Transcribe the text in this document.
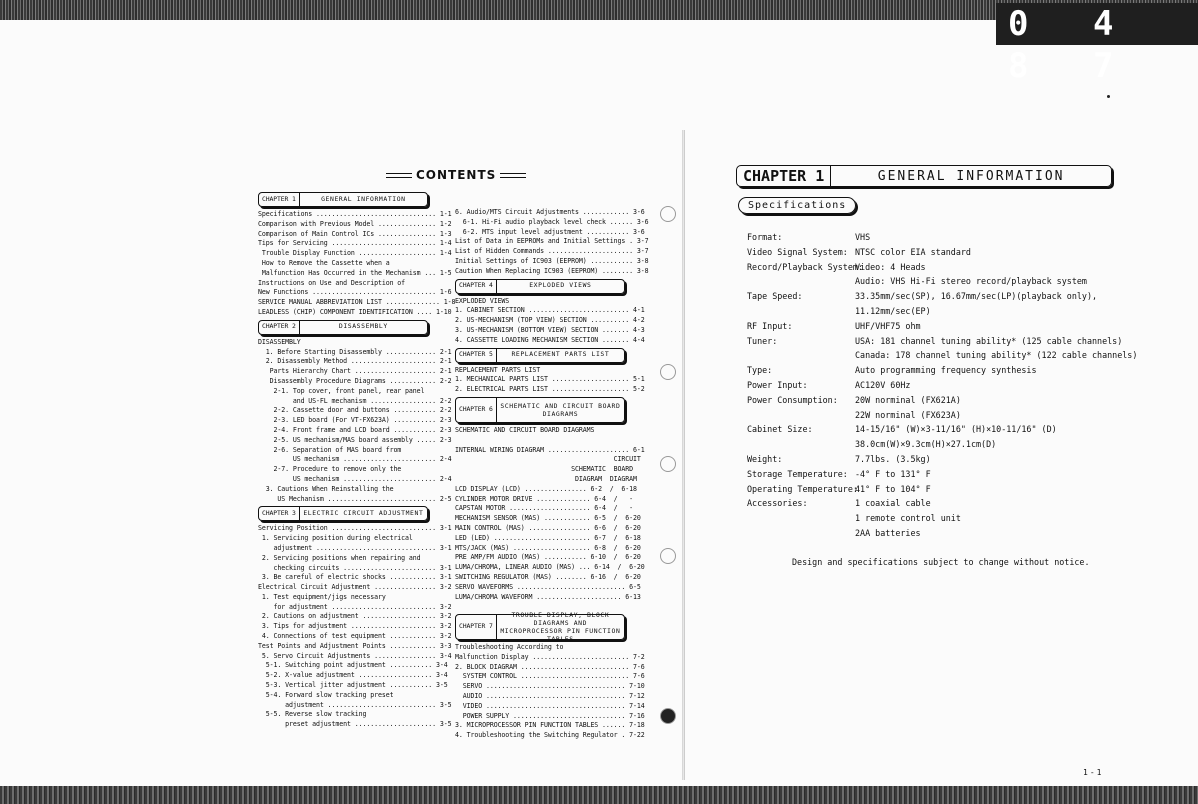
0 4 8 7
CONTENTS
CHAPTER 1	GENERAL INFORMATION
Specifications ............................... 1-1
Comparison with Previous Model ............... 1-2
Comparison of Main Control ICs ............... 1-3
Tips for Servicing ........................... 1-4
Trouble Display Function .................... 1-4
How to Remove the Cassette when a
Malfunction Has Occurred in the Mechanism ... 1-5
Instructions on Use and Description of
New Functions ................................ 1-6
SERVICE MANUAL ABBREVIATION LIST .............. 1-8
LEADLESS (CHIP) COMPONENT IDENTIFICATION .... 1-10
CHAPTER 2	DISASSEMBLY
DISASSEMBLY
1. Before Starting Disassembly ............. 2-1
2. Disassembly Method ...................... 2-1
Parts Hierarchy Chart ..................... 2-1
Disassembly Procedure Diagrams ............ 2-2
2-1. Top cover, front panel, rear panel
and US-FL mechanism ................. 2-2
2-2. Cassette door and buttons ........... 2-2
2-3. LED board (For VT-FX623A) ........... 2-3
2-4. Front frame and LCD board ........... 2-3
2-5. US mechanism/MAS board assembly ..... 2-3
2-6. Separation of MAS board from
US mechanism ........................ 2-4
2-7. Procedure to remove only the
US mechanism ........................ 2-4
3. Cautions When Reinstalling the
US Mechanism ............................ 2-5
CHAPTER 3	ELECTRIC CIRCUIT ADJUSTMENT
Servicing Position ........................... 3-1
1. Servicing position during electrical
adjustment ............................... 3-1
2. Servicing positions when repairing and
checking circuits ........................ 3-1
3. Be careful of electric shocks ............ 3-1
Electrical Circuit Adjustment ................ 3-2
1. Test equipment/jigs necessary
for adjustment ........................... 3-2
2. Cautions on adjustment ................... 3-2
3. Tips for adjustment ...................... 3-2
4. Connections of test equipment ............ 3-2
Test Points and Adjustment Points ............ 3-3
5. Servo Circuit Adjustments ................ 3-4
5-1. Switching point adjustment ........... 3-4
5-2. X-value adjustment ................... 3-4
5-3. Vertical jitter adjustment ........... 3-5
5-4. Forward slow tracking preset
adjustment ............................ 3-5
5-5. Reverse slow tracking
preset adjustment ..................... 3-5
6. Audio/MTS Circuit Adjustments ............ 3-6
6-1. Hi-Fi audio playback level check ...... 3-6
6-2. MTS input level adjustment ........... 3-6
List of Data in EEPROMs and Initial Settings . 3-7
List of Hidden Commands ...................... 3-7
Initial Settings of IC903 (EEPROM) ........... 3-8
Caution When Replacing IC903 (EEPROM) ........ 3-8
CHAPTER 4	EXPLODED VIEWS
EXPLODED VIEWS
1. CABINET SECTION .......................... 4-1
2. US-MECHANISM (TOP VIEW) SECTION .......... 4-2
3. US-MECHANISM (BOTTOM VIEW) SECTION ....... 4-3
4. CASSETTE LOADING MECHANISM SECTION ....... 4-4
CHAPTER 5	REPLACEMENT PARTS LIST
REPLACEMENT PARTS LIST
1. MECHANICAL PARTS LIST .................... 5-1
2. ELECTRICAL PARTS LIST .................... 5-2
CHAPTER 6	SCHEMATIC AND CIRCUIT BOARD
DIAGRAMS
SCHEMATIC AND CIRCUIT BOARD DIAGRAMS

INTERNAL WIRING DIAGRAM ..................... 6-1
CIRCUIT
SCHEMATIC  BOARD
DIAGRAM  DIAGRAM
LCD DISPLAY (LCD) ................ 6-2  /  6-18
CYLINDER MOTOR DRIVE .............. 6-4  /   -
CAPSTAN MOTOR ..................... 6-4  /   -
MECHANISM SENSOR (MAS) ............ 6-5  /  6-20
MAIN CONTROL (MAS) ................ 6-6  /  6-20
LED (LED) ......................... 6-7  /  6-18
MTS/JACK (MAS) .................... 6-8  /  6-20
PRE AMP/FM AUDIO (MAS) ........... 6-10  /  6-20
LUMA/CHROMA, LINEAR AUDIO (MAS) ... 6-14  /  6-20
SWITCHING REGULATOR (MAS) ........ 6-16  /  6-20
SERVO WAVEFORMS ............................ 6-5
LUMA/CHROMA WAVEFORM ...................... 6-13

CHAPTER 7
TROUBLE DISPLAY, BLOCK DIAGRAMS AND
MICROPROCESSOR PIN FUNCTION TABLES
Troubleshooting According to
Malfunction Display ......................... 7-2
2. BLOCK DIAGRAM ............................ 7-6
SYSTEM CONTROL ............................ 7-6
SERVO .................................... 7-10
AUDIO .................................... 7-12
VIDEO .................................... 7-14
POWER SUPPLY ............................. 7-16
3. MICROPROCESSOR PIN FUNCTION TABLES ...... 7-18
4. Troubleshooting the Switching Regulator . 7-22
CHAPTER 1	GENERAL INFORMATION
Specifications
Format:	VHS
Video Signal System: NTSC color EIA standard
Record/Playback System:
Video: 4 Heads
Audio: VHS Hi-Fi stereo record/playback system
Tape Speed:	33.35mm/sec(SP), 16.67mm/sec(LP)(playback only),
11.12mm/sec(EP)
RF Input:	UHF/VHF75 ohm
Tuner:	USA: 181 channel tuning ability* (125 cable channels)
Canada: 178 channel tuning ability* (122 cable channels)
Type:	Auto programming frequency synthesis
Power Input:	AC120V 60Hz
Power Consumption:	20W norminal (FX621A)
22W norminal (FX623A)
Cabinet Size:	14-15/16" (W)×3-11/16" (H)×10-11/16" (D)
38.0cm(W)×9.3cm(H)×27.1cm(D)
Weight:	7.7lbs. (3.5kg)
Storage Temperature: -4° F to 131° F
Operating Temperature:
41° F to 104° F
Accessories:	1 coaxial cable
1 remote control unit
2AA batteries
Design and specifications subject to change without notice.
1-1
